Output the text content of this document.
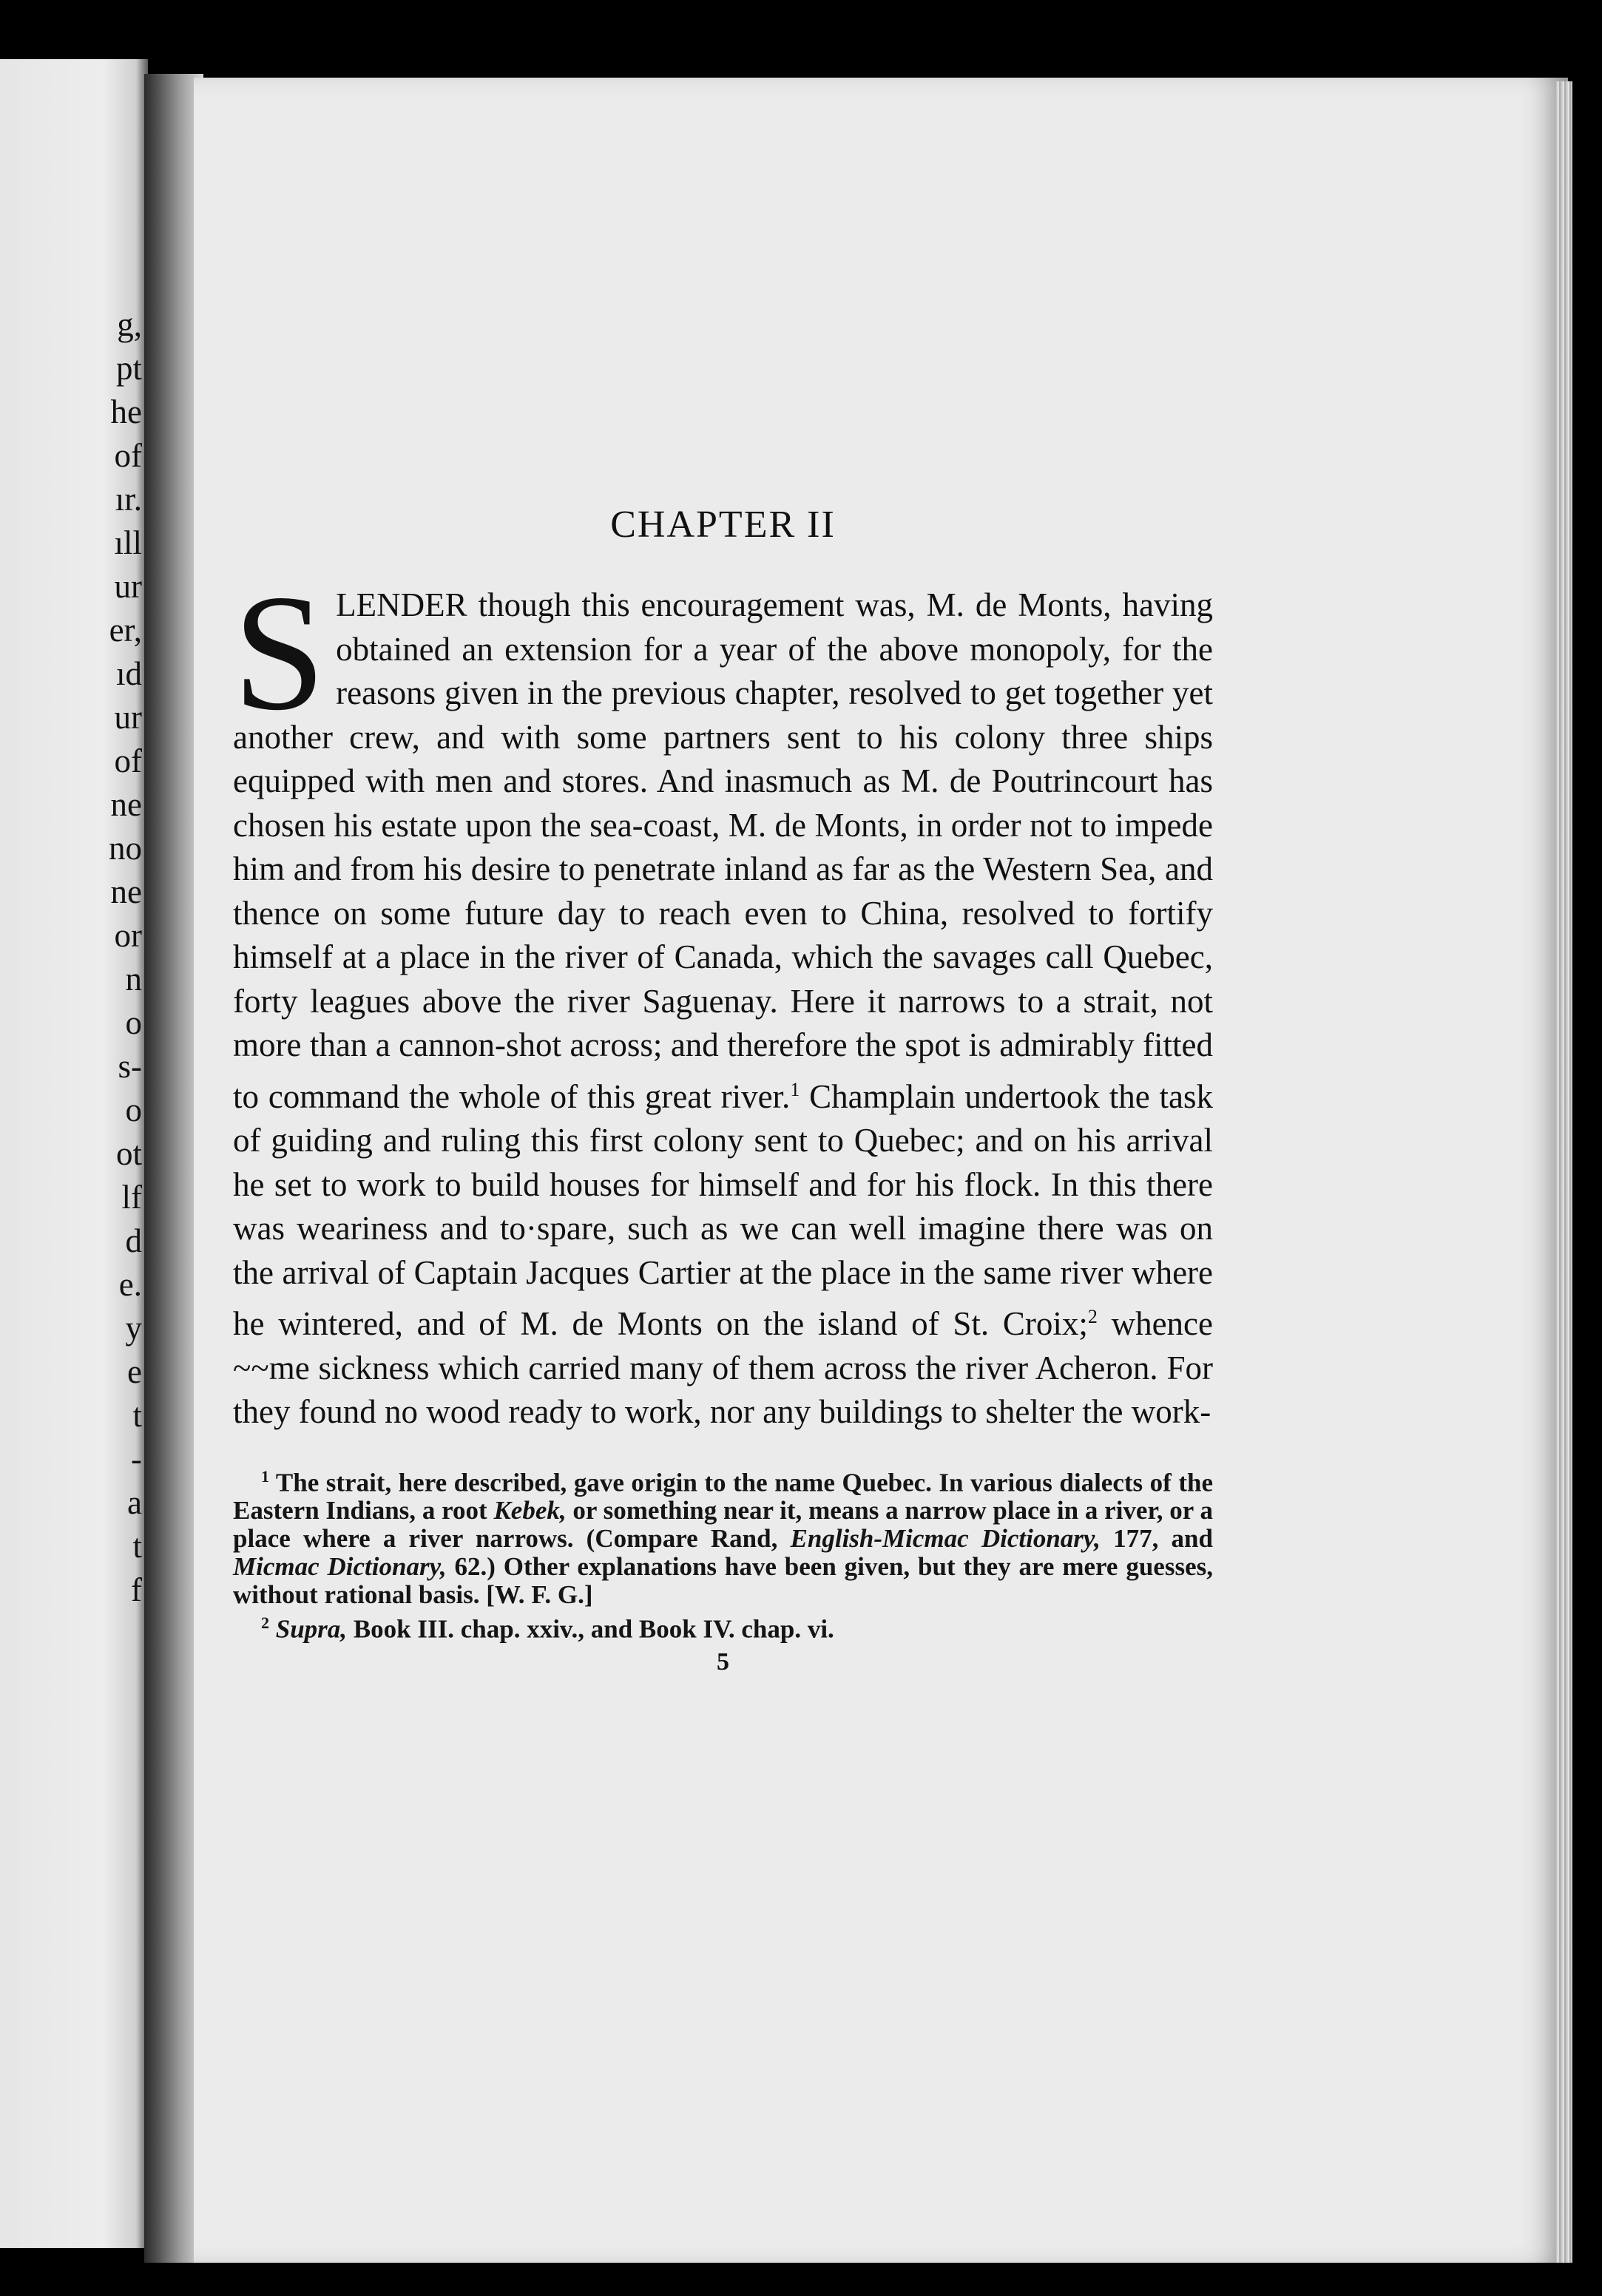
g,
pt
he
of
ır.
ıll
ur
er,
ıd
ur
of
ne
no
ne
or
n
o
s-
o
ot
lf
d
e.
y
e
t
-
a
t
f
CHAPTER II

SLENDER though this encouragement was, M. de Monts, having obtained an extension for a year of the above monopoly, for the reasons given in the previous chapter, resolved to get together yet another crew, and with some partners sent to his colony three ships equipped with men and stores. And inasmuch as M. de Poutrincourt has chosen his estate upon the sea-coast, M. de Monts, in order not to impede him and from his desire to penetrate inland as far as the Western Sea, and thence on some future day to reach even to China, resolved to fortify himself at a place in the river of Canada, which the savages call Quebec, forty leagues above the river Saguenay. Here it narrows to a strait, not more than a cannon-shot across; and therefore the spot is admirably fitted to command the whole of this great river.$^1$ Champlain undertook the task of guiding and ruling this first colony sent to Quebec; and on his arrival he set to work to build houses for himself and for his flock. In this there was weariness and to·spare, such as we can well imagine there was on the arrival of Captain Jacques Cartier at the place in the same river where he wintered, and of M. de Monts on the island of St. Croix;$^2$ whence ~~me sickness which carried many of them across the river Acheron. For they found no wood ready to work, nor any buildings to shelter the work-

$^1$ The strait, here described, gave origin to the name Quebec. In various dialects of the Eastern Indians, a root Kebek, or something near it, means a narrow place in a river, or a place where a river narrows. (Compare Rand, English-Micmac Dictionary, 177, and Micmac Dictionary, 62.) Other explanations have been given, but they are mere guesses, without rational basis. [W. F. G.]

$^2$ Supra, Book III. chap. xxiv., and Book IV. chap. vi.

5
